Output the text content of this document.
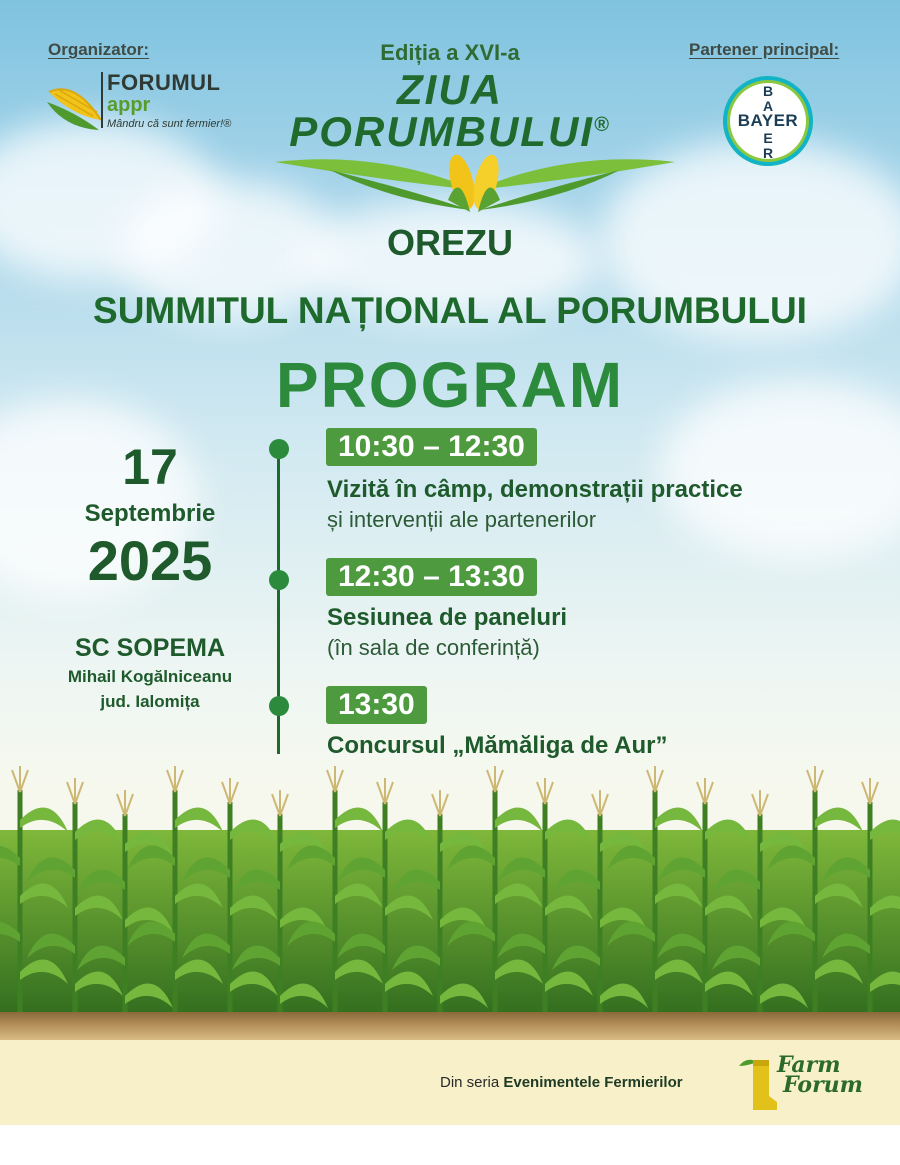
Organizator:	Partener principal:
FORUMUL
appr
Mândru că sunt fermier!®	BAYER
B
A
E
R
Ediția a XVI-a
ZIUA
PORUMBULUI®
OREZU
SUMMITUL NAȚIONAL AL PORUMBULUI
PROGRAM
17
Septembrie
2025
SC SOPEMA
Mihail Kogălniceanu
jud. Ialomița
10:30 – 12:30
Vizită în câmp, demonstrații practice
și intervenții ale partenerilor
12:30 – 13:30
Sesiunea de paneluri
(în sala de conferință)
13:30
Concursul „Mămăliga de Aur”
Din seria Evenimentele Fermierilor
Farm
Forum
